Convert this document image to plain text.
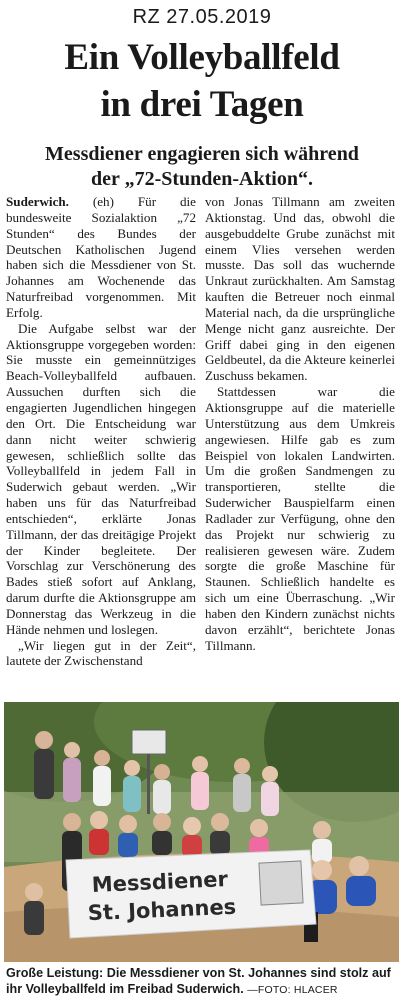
RZ 27.05.2019
Ein Volleyballfeld
in drei Tagen
Messdiener engagieren sich während
der „72-Stunden-Aktion“.

Suderwich. (eh) Für die bundesweite Sozialaktion „72 Stunden“ des Bundes der Deutschen Katholischen Jugend haben sich die Messdiener von St. Johannes am Wochenende das Naturfreibad vorgenommen. Mit Erfolg.

Die Aufgabe selbst war der Aktionsgruppe vorgegeben worden: Sie musste ein gemeinnütziges Beach-Volleyballfeld aufbauen. Aussuchen durften sich die engagierten Jugendlichen hingegen den Ort. Die Entscheidung war dann nicht weiter schwierig gewesen, schließlich sollte das Volleyballfeld in jedem Fall in Suderwich gebaut werden. „Wir haben uns für das Naturfreibad entschieden“, erklärte Jonas Tillmann, der das dreitägige Projekt der Kinder begleitete. Der Vorschlag zur Verschönerung des Bades stieß sofort auf Anklang, darum durfte die Aktionsgruppe am Donnerstag das Werkzeug in die Hände nehmen und loslegen.

„Wir liegen gut in der Zeit“, lautete der Zwischenstand

von Jonas Tillmann am zweiten Aktionstag. Und das, obwohl die ausgebuddelte Grube zunächst mit einem Vlies versehen werden musste. Das soll das wuchernde Unkraut zurückhalten. Am Samstag kauften die Betreuer noch einmal Material nach, da die ursprüngliche Menge nicht ganz ausreichte. Der Griff dabei ging in den eigenen Geldbeutel, da die Akteure keinerlei Zuschuss bekamen.

Stattdessen war die Aktionsgruppe auf die materielle Unterstützung aus dem Umkreis angewiesen. Hilfe gab es zum Beispiel von lokalen Landwirten. Um die großen Sandmengen zu transportieren, stellte die Suderwicher Bauspielfarm einen Radlader zur Verfügung, ohne den das Projekt nur schwierig zu realisieren gewesen wäre. Zudem sorgte die große Maschine für Staunen. Schließlich handelte es sich um eine Überraschung. „Wir haben den Kindern zunächst nichts davon erzählt“, berichtete Jonas Tillmann.

Messdiener
St. Johannes

Große Leistung: Die Messdiener von St. Johannes sind stolz auf ihr Volleyballfeld im Freibad Suderwich. —FOTO: HLACER
